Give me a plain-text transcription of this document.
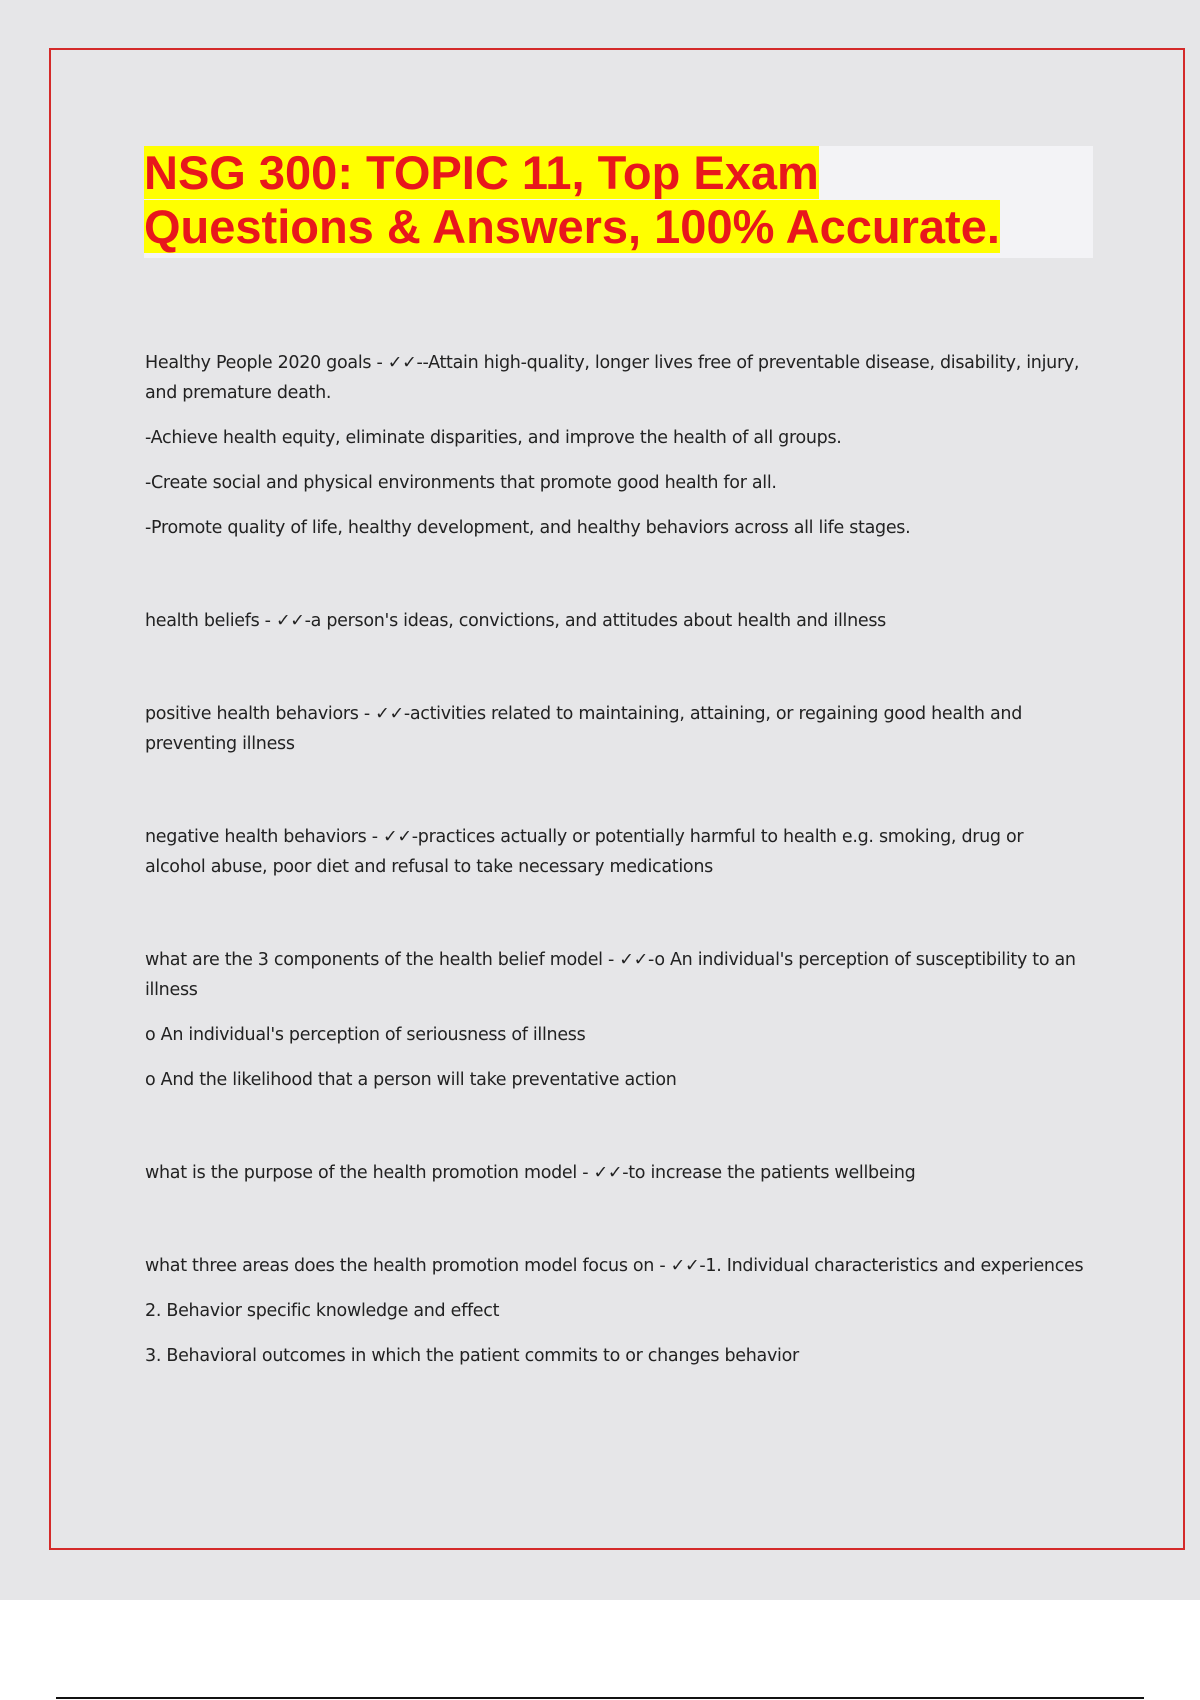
NSG 300: TOPIC 11, Top Exam
Questions & Answers, 100% Accurate.

Healthy People 2020 goals - ✓✓--Attain high-quality, longer lives free of preventable disease, disability, injury, and premature death.

-Achieve health equity, eliminate disparities, and improve the health of all groups.

-Create social and physical environments that promote good health for all.

-Promote quality of life, healthy development, and healthy behaviors across all life stages.

health beliefs - ✓✓-a person's ideas, convictions, and attitudes about health and illness

positive health behaviors - ✓✓-activities related to maintaining, attaining, or regaining good health and preventing illness

negative health behaviors - ✓✓-practices actually or potentially harmful to health e.g. smoking, drug or alcohol abuse, poor diet and refusal to take necessary medications

what are the 3 components of the health belief model - ✓✓-o An individual's perception of susceptibility to an illness

o An individual's perception of seriousness of illness

o And the likelihood that a person will take preventative action

what is the purpose of the health promotion model - ✓✓-to increase the patients wellbeing

what three areas does the health promotion model focus on - ✓✓-1. Individual characteristics and experiences

2. Behavior specific knowledge and effect

3. Behavioral outcomes in which the patient commits to or changes behavior
